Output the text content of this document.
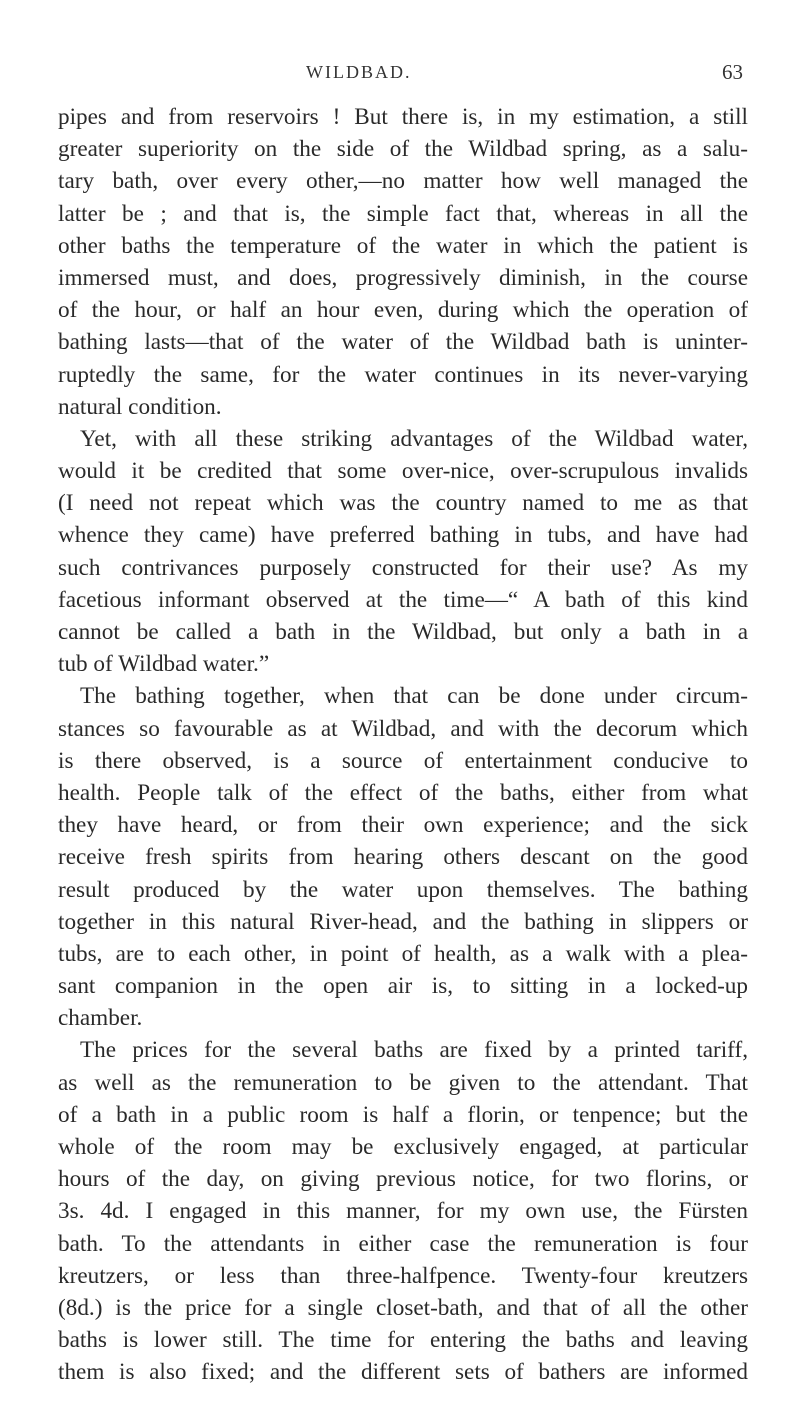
WILDBAD.	63
pipes and from reservoirs ! But there is, in my estimation, a still
greater superiority on the side of the Wildbad spring, as a salu-
tary bath, over every other,—no matter how well managed the
latter be ; and that is, the simple fact that, whereas in all the
other baths the temperature of the water in which the patient is
immersed must, and does, progressively diminish, in the course
of the hour, or half an hour even, during which the operation of
bathing lasts—that of the water of the Wildbad bath is uninter-
ruptedly the same, for the water continues in its never-varying
natural condition.
Yet, with all these striking advantages of the Wildbad water,
would it be credited that some over-nice, over-scrupulous invalids
(I need not repeat which was the country named to me as that
whence they came) have preferred bathing in tubs, and have had
such contrivances purposely constructed for their use? As my
facetious informant observed at the time—“ A bath of this kind
cannot be called a bath in the Wildbad, but only a bath in a
tub of Wildbad water.”
The bathing together, when that can be done under circum-
stances so favourable as at Wildbad, and with the decorum which
is there observed, is a source of entertainment conducive to
health. People talk of the effect of the baths, either from what
they have heard, or from their own experience; and the sick
receive fresh spirits from hearing others descant on the good
result produced by the water upon themselves. The bathing
together in this natural River-head, and the bathing in slippers or
tubs, are to each other, in point of health, as a walk with a plea-
sant companion in the open air is, to sitting in a locked-up
chamber.
The prices for the several baths are fixed by a printed tariff,
as well as the remuneration to be given to the attendant. That
of a bath in a public room is half a florin, or tenpence; but the
whole of the room may be exclusively engaged, at particular
hours of the day, on giving previous notice, for two florins, or
3s. 4d. I engaged in this manner, for my own use, the Fürsten
bath. To the attendants in either case the remuneration is four
kreutzers, or less than three-halfpence. Twenty-four kreutzers
(8d.) is the price for a single closet-bath, and that of all the other
baths is lower still. The time for entering the baths and leaving
them is also fixed; and the different sets of bathers are informed
